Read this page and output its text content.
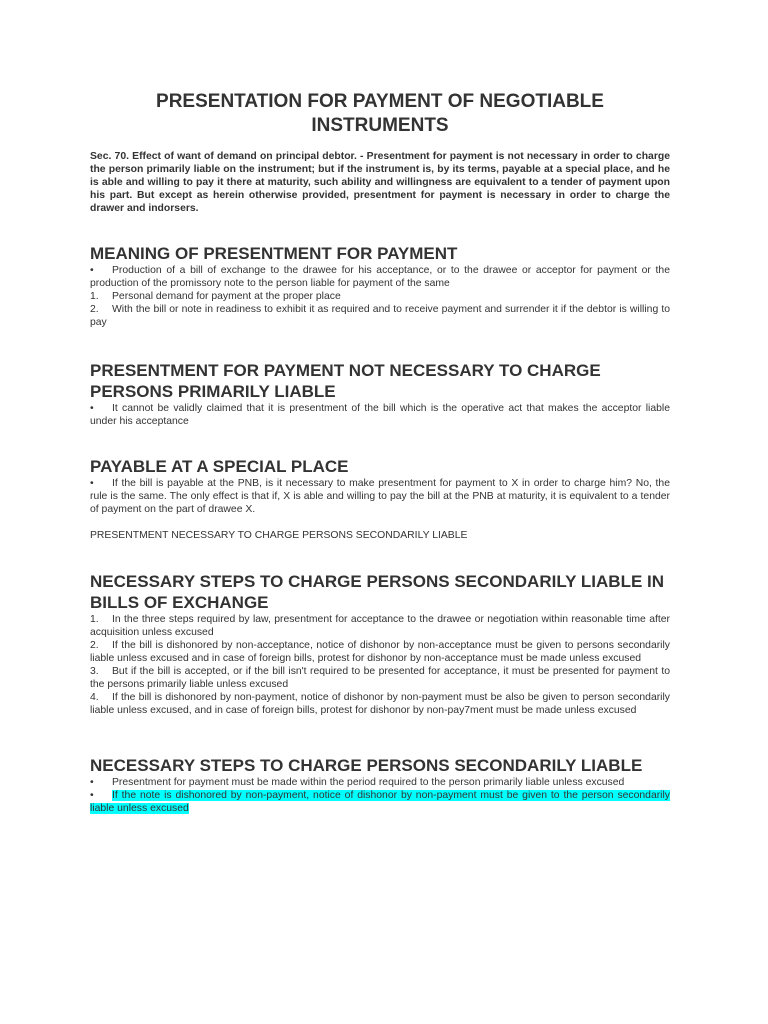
PRESENTATION FOR PAYMENT OF NEGOTIABLE INSTRUMENTS
Sec. 70. Effect of want of demand on principal debtor. - Presentment for payment is not necessary in order to charge the person primarily liable on the instrument; but if the instrument is, by its terms, payable at a special place, and he is able and willing to pay it there at maturity, such ability and willingness are equivalent to a tender of payment upon his part. But except as herein otherwise provided, presentment for payment is necessary in order to charge the drawer and indorsers.
MEANING OF PRESENTMENT FOR PAYMENT

• Production of a bill of exchange to the drawee for his acceptance, or to the drawee or acceptor for payment or the production of the promissory note to the person liable for payment of the same

1. Personal demand for payment at the proper place

2. With the bill or note in readiness to exhibit it as required and to receive payment and surrender it if the debtor is willing to pay

PRESENTMENT FOR PAYMENT NOT NECESSARY TO CHARGE PERSONS PRIMARILY LIABLE

• It cannot be validly claimed that it is presentment of the bill which is the operative act that makes the acceptor liable under his acceptance

PAYABLE AT A SPECIAL PLACE

• If the bill is payable at the PNB, is it necessary to make presentment for payment to X in order to charge him? No, the rule is the same. The only effect is that if, X is able and willing to pay the bill at the PNB at maturity, it is equivalent to a tender of payment on the part of drawee X.

PRESENTMENT NECESSARY TO CHARGE PERSONS SECONDARILY LIABLE
NECESSARY STEPS TO CHARGE PERSONS SECONDARILY LIABLE IN BILLS OF EXCHANGE

1. In the three steps required by law, presentment for acceptance to the drawee or negotiation within reasonable time after acquisition unless excused

2. If the bill is dishonored by non-acceptance, notice of dishonor by non-acceptance must be given to persons secondarily liable unless excused and in case of foreign bills, protest for dishonor by non-acceptance must be made unless excused

3. But if the bill is accepted, or if the bill isn't required to be presented for acceptance, it must be presented for payment to the persons primarily liable unless excused

4. If the bill is dishonored by non-payment, notice of dishonor by non-payment must be also be given to person secondarily liable unless excused, and in case of foreign bills, protest for dishonor by non-pay7ment must be made unless excused

NECESSARY STEPS TO CHARGE PERSONS SECONDARILY LIABLE

• Presentment for payment must be made within the period required to the person primarily liable unless excused

• If the note is dishonored by non-payment, notice of dishonor by non-payment must be given to the person secondarily liable unless excused
